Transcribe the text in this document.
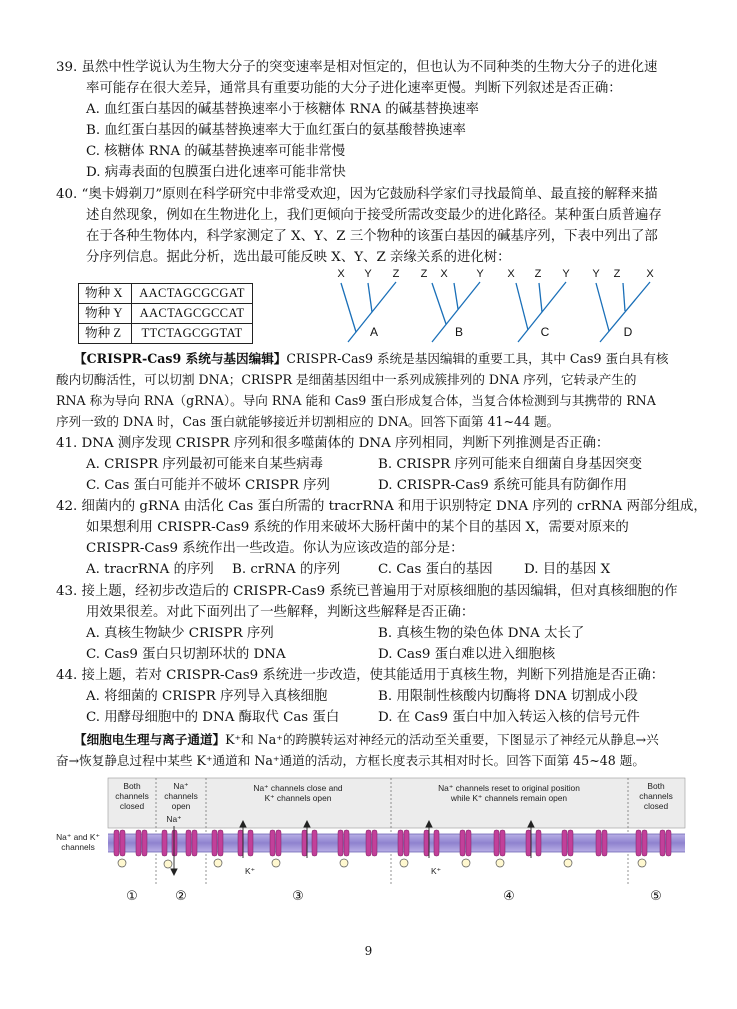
39. 虽然中性学说认为生物大分子的突变速率是相对恒定的，但也认为不同种类的生物大分子的进化速
率可能存在很大差异，通常具有重要功能的大分子进化速率更慢。判断下列叙述是否正确：
A. 血红蛋白基因的碱基替换速率小于核糖体 RNA 的碱基替换速率
B. 血红蛋白基因的碱基替换速率大于血红蛋白的氨基酸替换速率
C. 核糖体 RNA 的碱基替换速率可能非常慢
D. 病毒表面的包膜蛋白进化速率可能非常快
40. “奥卡姆剃刀”原则在科学研究中非常受欢迎，因为它鼓励科学家们寻找最简单、最直接的解释来描
述自然现象，例如在生物进化上，我们更倾向于接受所需改变最少的进化路径。某种蛋白质普遍存
在于各种生物体内，科学家测定了 X、Y、Z 三个物种的该蛋白基因的碱基序列，下表中列出了部
分序列信息。据此分析，选出最可能反映 X、Y、Z 亲缘关系的进化树：
物种 X	AACTAGCGCGAT
物种 Y	AACTAGCGCCAT
物种 Z	TTCTAGCGGTAT
X Y Z Z X	Y X Z Y Y Z X
A	B	C	D
【CRISPR-Cas9 系统与基因编辑】CRISPR-Cas9 系统是基因编辑的重要工具，其中 Cas9 蛋白具有核
酸内切酶活性，可以切割 DNA；CRISPR 是细菌基因组中一系列成簇排列的 DNA 序列，它转录产生的
RNA 称为导向 RNA（gRNA）。导向 RNA 能和 Cas9 蛋白形成复合体，当复合体检测到与其携带的 RNA
序列一致的 DNA 时，Cas 蛋白就能够接近并切割相应的 DNA。回答下面第 41~44 题。
41. DNA 测序发现 CRISPR 序列和很多噬菌体的 DNA 序列相同，判断下列推测是否正确：
A. CRISPR 序列最初可能来自某些病毒	B. CRISPR 序列可能来自细菌自身基因突变
C. Cas 蛋白可能并不破坏 CRISPR 序列	D. CRISPR-Cas9 系统可能具有防御作用
42. 细菌内的 gRNA 由活化 Cas 蛋白所需的 tracrRNA 和用于识别特定 DNA 序列的 crRNA 两部分组成，
如果想利用 CRISPR-Cas9 系统的作用来破坏大肠杆菌中的某个目的基因 X，需要对原来的
CRISPR-Cas9 系统作出一些改造。你认为应该改造的部分是：
A. tracrRNA 的序列 B. crRNA 的序列	C. Cas 蛋白的基因 D. 目的基因 X
43. 接上题，经初步改造后的 CRISPR-Cas9 系统已普遍用于对原核细胞的基因编辑，但对真核细胞的作
用效果很差。对此下面列出了一些解释，判断这些解释是否正确：
A. 真核生物缺少 CRISPR 序列	B. 真核生物的染色体 DNA 太长了
C. Cas9 蛋白只切割环状的 DNA	D. Cas9 蛋白难以进入细胞核
44. 接上题，若对 CRISPR-Cas9 系统进一步改造，使其能适用于真核生物，判断下列措施是否正确：
A. 将细菌的 CRISPR 序列导入真核细胞	B. 用限制性核酸内切酶将 DNA 切割成小段
C. 用酵母细胞中的 DNA 酶取代 Cas 蛋白	D. 在 Cas9 蛋白中加入转运入核的信号元件
【细胞电生理与离子通道】K⁺和 Na⁺的跨膜转运对神经元的活动至关重要，下图显示了神经元从静息→兴
奋→恢复静息过程中某些 K⁺通道和 Na⁺通道的活动，方框长度表示其相对时长。回答下面第 45~48 题。
Na⁺ and K⁺
channels
Both
channels
closed
Na⁺
channels
open
Na⁺ channels close and
K⁺ channels open
Na⁺ channels reset to original position
while K⁺ channels remain open
Both
channels
closed
Na⁺
K⁺	K⁺
①	②	③	④	⑤
9
